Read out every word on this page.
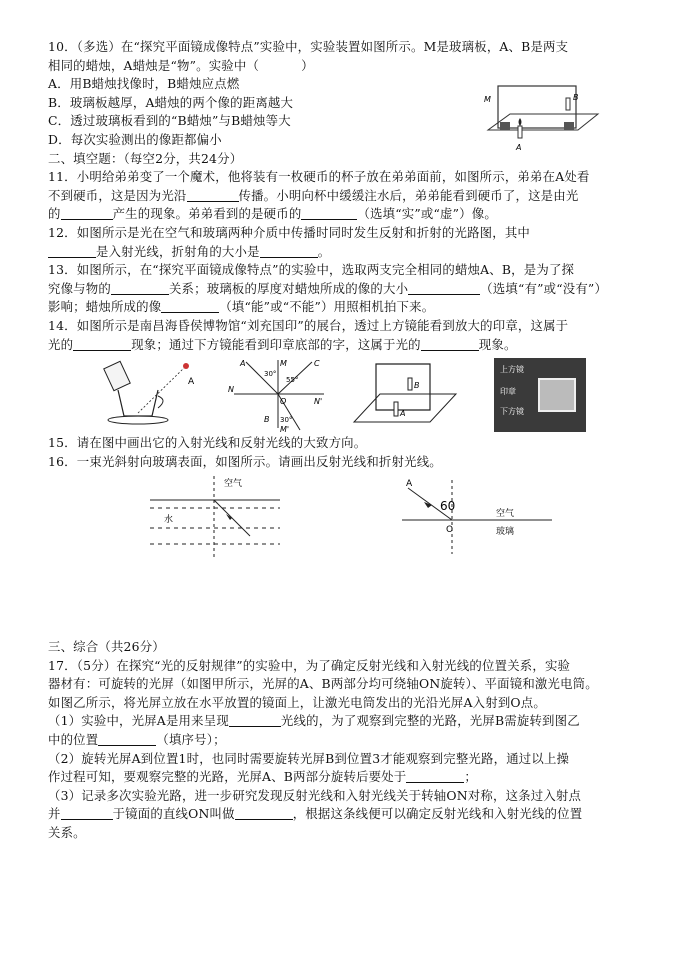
10．（多选）在“探究平面镜成像特点”实验中，实验装置如图所示。M是玻璃板，A、B是两支
相同的蜡烛，A蜡烛是“物”。实验中（	）
A．用B蜡烛找像时，B蜡烛应点燃
B．玻璃板越厚，A蜡烛的两个像的距离越大
C．透过玻璃板看到的“B蜡烛”与B蜡烛等大
D．每次实验测出的像距都偏小
二、填空题：（每空2分，共24分）
11．小明给弟弟变了一个魔术，他将装有一枚硬币的杯子放在弟弟面前，如图所示，弟弟在A处看
不到硬币，这是因为光沿	传播。小明向杯中缓缓注水后，弟弟能看到硬币了，这是由光
的	产生的现象。弟弟看到的是硬币的	（选填“实”或“虚”）像。
12．如图所示是光在空气和玻璃两种介质中传播时同时发生反射和折射的光路图，其中
是入射光线，折射角的大小是	。
13．如图所示，在“探究平面镜成像特点”的实验中，选取两支完全相同的蜡烛A、B，是为了探
究像与物的	关系；玻璃板的厚度对蜡烛所成的像的大小	（选填“有”或“没有”）
影响；蜡烛所成的像	（填“能”或“不能”）用照相机拍下来。
14．如图所示是南昌海昏侯博物馆“刘充国印”的展台，透过上方镜能看到放大的印章，这属于
光的	现象；通过下方镜能看到印章底部的字，这属于光的	现象。
M	B
A
A
A	M	C
30°
55°
N
O	N'
B 30°
M'
B
A
上方镜
印章
下方镜
15．请在图中画出它的入射光线和反射光线的大致方向。
16．一束光斜射向玻璃表面，如图所示。请画出反射光线和折射光线。
空气
水
A
60
O
空气
玻璃
三、综合（共26分）
17．（5分）在探究“光的反射规律”的实验中，为了确定反射光线和入射光线的位置关系，实验
器材有：可旋转的光屏（如图甲所示，光屏的A、B两部分均可绕轴ON旋转）、平面镜和激光电筒。
如图乙所示，将光屏立放在水平放置的镜面上，让激光电筒发出的光沿光屏A入射到O点。
（1）实验中，光屏A是用来呈现	光线的，为了观察到完整的光路，光屏B需旋转到图乙
中的位置	（填序号）；
（2）旋转光屏A到位置1时，也同时需要旋转光屏B到位置3才能观察到完整光路，通过以上操
作过程可知，要观察完整的光路，光屏A、B两部分旋转后要处于	；
（3）记录多次实验光路，进一步研究发现反射光线和入射光线关于转轴ON对称，这条过入射点
并	于镜面的直线ON叫做	，根据这条线便可以确定反射光线和入射光线的位置
关系。
